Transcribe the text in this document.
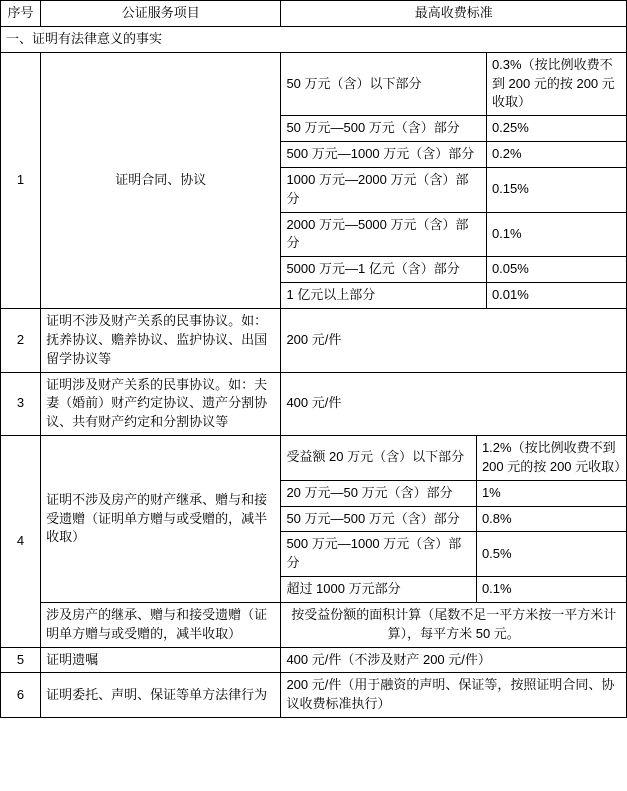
序号	公证服务项目	最高收费标准
一、证明有法律意义的事实
1	证明合同、协议	
50 万元（含）以下部分	0.3%（按比例收费不到 200 元的按 200 元收取）
50 万元—500 万元（含）部分	0.25%
500 万元—1000 万元（含）部分	0.2%
1000 万元—2000 万元（含）部分	0.15%
2000 万元—5000 万元（含）部分	0.1%
5000 万元—1 亿元（含）部分	0.05%
1 亿元以上部分	0.01%

2	证明不涉及财产关系的民事协议。如：抚养协议、赡养协议、监护协议、出国留学协议等	200 元/件
3	证明涉及财产关系的民事协议。如：夫妻（婚前）财产约定协议、遗产分割协议、共有财产约定和分割协议等	400 元/件
4	证明不涉及房产的财产继承、赠与和接受遗赠（证明单方赠与或受赠的，减半收取）	
受益额 20 万元（含）以下部分	1.2%（按比例收费不到 200 元的按 200 元收取）
20 万元—50 万元（含）部分	1%
50 万元—500 万元（含）部分	0.8%
500 万元—1000 万元（含）部分	0.5%
超过 1000 万元部分	0.1%

涉及房产的继承、赠与和接受遗赠（证明单方赠与或受赠的，减半收取）	按受益份额的面积计算（尾数不足一平方米按一平方米计算），每平方米 50 元。
5	证明遗嘱	400 元/件（不涉及财产 200 元/件）
6	证明委托、声明、保证等单方法律行为	200 元/件（用于融资的声明、保证等，按照证明合同、协议收费标准执行）
